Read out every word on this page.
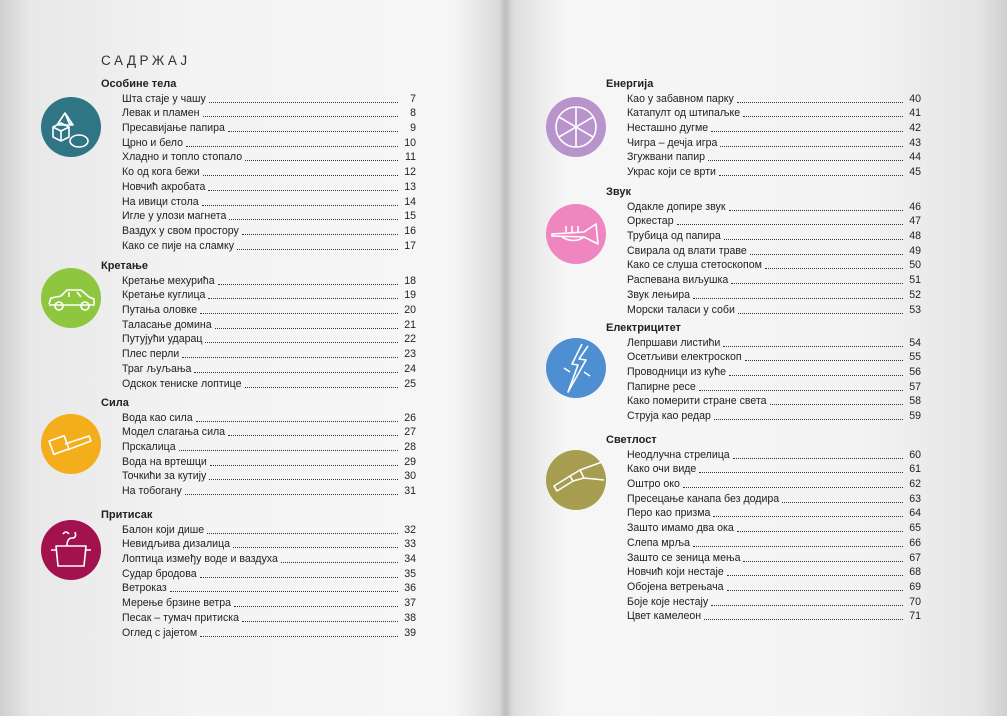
САДРЖАЈ
Особине тела
Шта стаје у чашу	7
Левак и пламен	8
Пресавијање папира	9
Црно и бело	10
Хладно и топло стопало	11
Ко од кога бежи	12
Новчић акробата	13
На ивици стола	14
Игле у улози магнета	15
Ваздух у свом простору	16
Како се пије на сламку	17
Кретање
Кретање мехурића	18
Кретање куглица	19
Путања оловке	20
Таласање домина	21
Путујући ударац	22
Плес перли	23
Траг љуљања	24
Одскок тениске лоптице	25
Сила
Вода као сила	26
Модел слагања сила	27
Прскалица	28
Вода на вртешци	29
Точкићи за кутију	30
На тобогану	31
Притисак
Балон који дише	32
Невидљива дизалица	33
Лоптица између воде и ваздуха	34
Судар бродова	35
Ветроказ	36
Мерење брзине ветра	37
Песак – тумач притиска	38
Оглед с јајетом	39
Енергија
Као у забавном парку	40
Катапулт од штипаљке	41
Несташно дугме	42
Чигра – дечја игра	43
Згужвани папир	44
Украс који се врти	45
Звук
Одакле допире звук	46
Оркестар	47
Трубица од папира	48
Свирала од влати траве	49
Како се слуша стетоскопом	50
Распевана виљушка	51
Звук лењира	52
Морски таласи у соби	53
Електрицитет
Лепршави листићи	54
Осетљиви електроскоп	55
Проводници из куће	56
Папирне ресе	57
Како померити стране света	58
Струја као редар	59
Светлост
Неодлучна стрелица	60
Како очи виде	61
Оштро око	62
Пресецање канапа без додира	63
Перо као призма	64
Зашто имамо два ока	65
Слепа мрља	66
Зашто се зеница мења	67
Новчић који нестаје	68
Обојена ветрењача	69
Боје које нестају	70
Цвет камелеон	71
